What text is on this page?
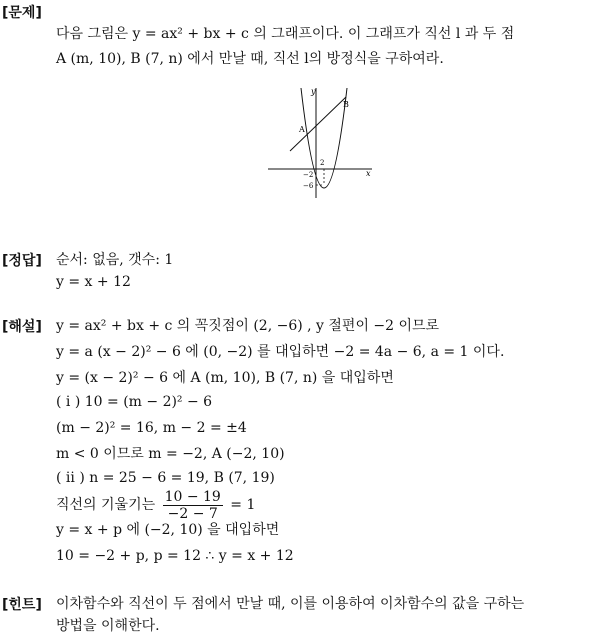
[문제]
다음 그림은 y = ax² + bx + c 의 그래프이다. 이 그래프가 직선 l 과 두 점
A (m, 10), B (7, n) 에서 만날 때, 직선 l의 방정식을 구하여라.
y
x
A
B
2
−2
−6
[정답] 순서: 없음, 갯수: 1
y = x + 12
[해설] y = ax² + bx + c 의 꼭짓점이 (2, −6) , y 절편이 −2 이므로
y = a (x − 2)² − 6 에 (0, −2) 를 대입하면 −2 = 4a − 6, a = 1 이다.
y = (x − 2)² − 6 에 A (m, 10), B (7, n) 을 대입하면
( i ) 10 = (m − 2)² − 6
(m − 2)² = 16, m − 2 = ±4
m < 0 이므로 m = −2, A (−2, 10)
( ii ) n = 25 − 6 = 19, B (7, 19)
직선의 기울기는 $\frac{10 - 19}{-2 - 7} = 1$
y = x + p 에 (−2, 10) 을 대입하면
10 = −2 + p, p = 12 ∴ y = x + 12
[힌트] 이차함수와 직선이 두 점에서 만날 때, 이를 이용하여 이차함수의 값을 구하는
방법을 이해한다.
